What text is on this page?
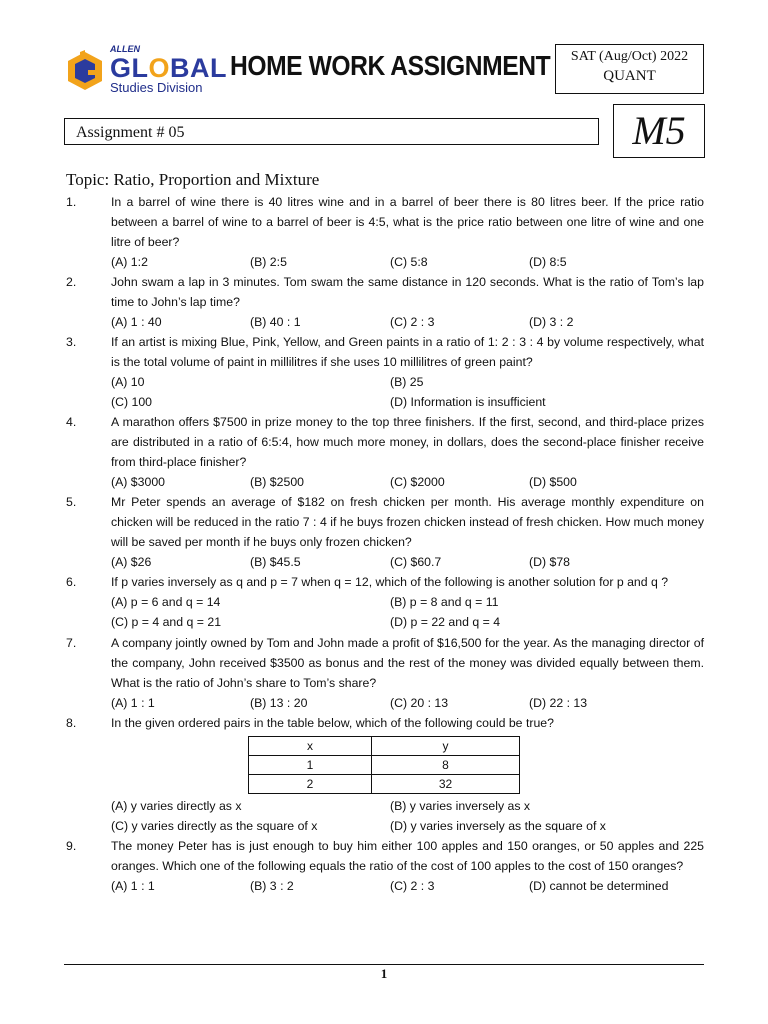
ALLEN
GLOBAL
Studies Division
HOME WORK ASSIGNMENT	SAT (Aug/Oct) 2022
QUANT
Assignment # 05	M5
Topic: Ratio, Proportion and Mixture
1.	In a barrel of wine there is 40 litres wine and in a barrel of beer there is 80 litres beer. If the price ratio between a barrel of wine to a barrel of beer is 4:5, what is the price ratio between one litre of wine and one litre of beer?
(A) 1:2	(B) 2:5	(C) 5:8	(D) 8:5
2.	John swam a lap in 3 minutes. Tom swam the same distance in 120 seconds. What is the ratio of Tom’s lap time to John’s lap time?
(A) 1 : 40	(B) 40 : 1	(C) 2 : 3	(D) 3 : 2
3.	If an artist is mixing Blue, Pink, Yellow, and Green paints in a ratio of 1: 2 : 3 : 4 by volume respectively, what is the total volume of paint in millilitres if she uses 10 millilitres of green paint?
(A) 10	(B) 25
(C) 100	(D) Information is insufficient
4.	A marathon offers $7500 in prize money to the top three finishers. If the first, second, and third-place prizes are distributed in a ratio of 6:5:4, how much more money, in dollars, does the second-place finisher receive from third-place finisher?
(A) $3000	(B) $2500	(C) $2000	(D) $500
5.	Mr Peter spends an average of $182 on fresh chicken per month. His average monthly expenditure on chicken will be reduced in the ratio 7 : 4 if he buys frozen chicken instead of fresh chicken. How much money will be saved per month if he buys only frozen chicken?
(A) $26	(B) $45.5	(C) $60.7	(D) $78
6.	If p varies inversely as q and p = 7 when q = 12, which of the following is another solution for p and q ?
(A) p = 6 and q = 14	(B) p = 8 and q = 11
(C) p = 4 and q = 21	(D) p = 22 and q = 4
7.	A company jointly owned by Tom and John made a profit of $16,500 for the year. As the managing director of the company, John received $3500 as bonus and the rest of the money was divided equally between them. What is the ratio of John’s share to Tom’s share?
(A) 1 : 1	(B) 13 : 20	(C) 20 : 13	(D) 22 : 13
8.	In the given ordered pairs in the table below, which of the following could be true?
x	y
1	8
2	32
(A) y varies directly as x	(B) y varies inversely as x
(C) y varies directly as the square of x	(D) y varies inversely as the square of x
9.	The money Peter has is just enough to buy him either 100 apples and 150 oranges, or 50 apples and 225 oranges. Which one of the following equals the ratio of the cost of 100 apples to the cost of 150 oranges?
(A) 1 : 1	(B) 3 : 2	(C) 2 : 3	(D) cannot be determined
1
